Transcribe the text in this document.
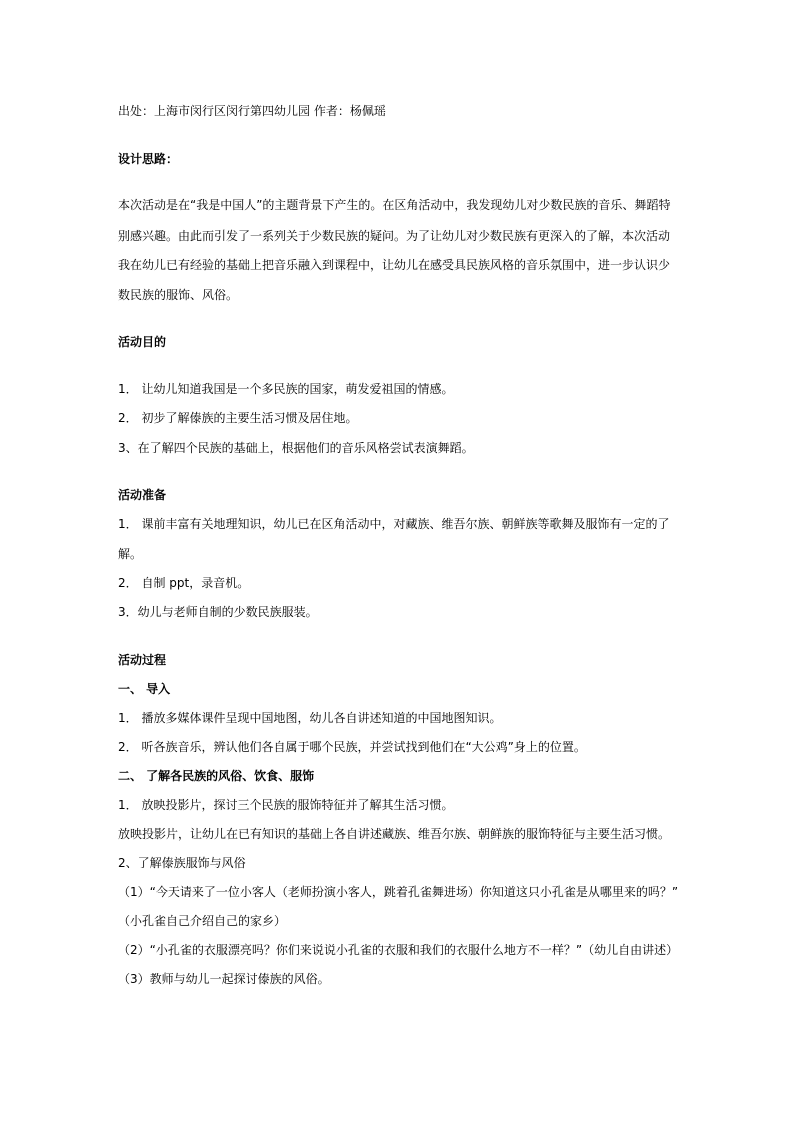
出处：上海市闵行区闵行第四幼儿园 作者：杨佩瑶
设计思路：
本次活动是在“我是中国人”的主题背景下产生的。在区角活动中，我发现幼儿对少数民族的音乐、舞蹈特
别感兴趣。由此而引发了一系列关于少数民族的疑问。为了让幼儿对少数民族有更深入的了解，本次活动
我在幼儿已有经验的基础上把音乐融入到课程中，让幼儿在感受具民族风格的音乐氛围中，进一步认识少
数民族的服饰、风俗。
活动目的
1． 让幼儿知道我国是一个多民族的国家，萌发爱祖国的情感。
2． 初步了解傣族的主要生活习惯及居住地。
3、在了解四个民族的基础上，根据他们的音乐风格尝试表演舞蹈。
活动准备
1． 课前丰富有关地理知识，幼儿已在区角活动中，对藏族、维吾尔族、朝鲜族等歌舞及服饰有一定的了
解。
2． 自制 ppt，录音机。
3．幼儿与老师自制的少数民族服装。
活动过程
一、 导入
1． 播放多媒体课件呈现中国地图，幼儿各自讲述知道的中国地图知识。
2． 听各族音乐，辨认他们各自属于哪个民族，并尝试找到他们在“大公鸡”身上的位置。
二、 了解各民族的风俗、饮食、服饰
1． 放映投影片，探讨三个民族的服饰特征并了解其生活习惯。
放映投影片，让幼儿在已有知识的基础上各自讲述藏族、维吾尔族、朝鲜族的服饰特征与主要生活习惯。
2、了解傣族服饰与风俗
（1）“今天请来了一位小客人（老师扮演小客人，跳着孔雀舞进场）你知道这只小孔雀是从哪里来的吗？”
（小孔雀自己介绍自己的家乡）
（2）“小孔雀的衣服漂亮吗？你们来说说小孔雀的衣服和我们的衣服什么地方不一样？”（幼儿自由讲述）
（3）教师与幼儿一起探讨傣族的风俗。
